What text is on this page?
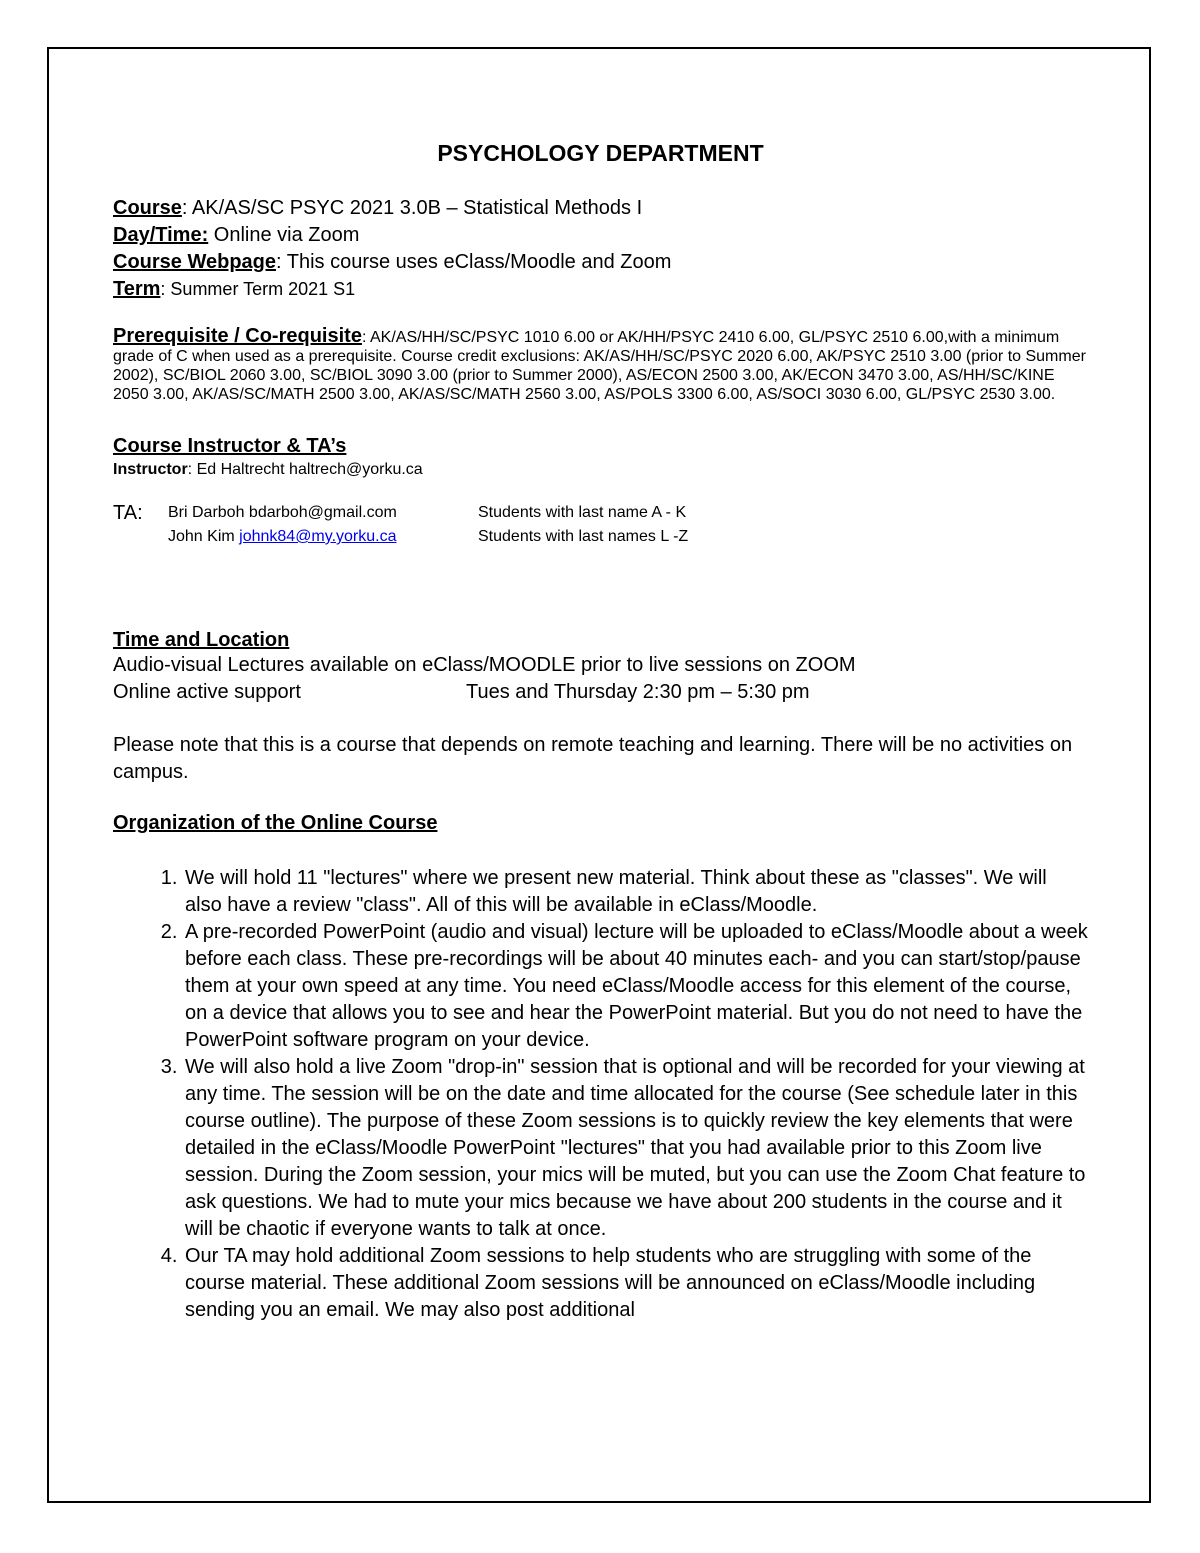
PSYCHOLOGY DEPARTMENT

Course: AK/AS/SC PSYC 2021 3.0B – Statistical Methods I

Day/Time: Online via Zoom

Course Webpage: This course uses eClass/Moodle and Zoom

Term: Summer Term 2021 S1

Prerequisite / Co-requisite: AK/AS/HH/SC/PSYC 1010 6.00 or AK/HH/PSYC 2410 6.00, GL/PSYC 2510 6.00,with a minimum grade of C when used as a prerequisite. Course credit exclusions: AK/AS/HH/SC/PSYC 2020 6.00, AK/PSYC 2510 3.00 (prior to Summer 2002), SC/BIOL 2060 3.00, SC/BIOL 3090 3.00 (prior to Summer 2000), AS/ECON 2500 3.00, AK/ECON 3470 3.00, AS/HH/SC/KINE 2050 3.00, AK/AS/SC/MATH 2500 3.00, AK/AS/SC/MATH 2560 3.00, AS/POLS 3300 6.00, AS/SOCI 3030 6.00, GL/PSYC 2530 3.00.

Course Instructor & TA’s
Instructor: Ed Haltrecht haltrech@yorku.ca
TA:	Bri Darboh bdarboh@gmail.com	Students with last name A - K
John Kim johnk84@my.yorku.ca	Students with last names L -Z
Time and Location
Audio-visual Lectures available on eClass/MOODLE prior to live sessions on ZOOM
Online active support	Tues and Thursday 2:30 pm – 5:30 pm

Please note that this is a course that depends on remote teaching and learning. There will be no activities on campus.

Organization of the Online Course
1. We will hold 11 "lectures" where we present new material. Think about these as "classes". We will also have a review "class". All of this will be available in eClass/Moodle.
2. A pre-recorded PowerPoint (audio and visual) lecture will be uploaded to eClass/Moodle about a week before each class. These pre-recordings will be about 40 minutes each- and you can start/stop/pause them at your own speed at any time. You need eClass/Moodle access for this element of the course, on a device that allows you to see and hear the PowerPoint material. But you do not need to have the PowerPoint software program on your device.
3. We will also hold a live Zoom "drop-in" session that is optional and will be recorded for your viewing at any time. The session will be on the date and time allocated for the course (See schedule later in this course outline). The purpose of these Zoom sessions is to quickly review the key elements that were detailed in the eClass/Moodle PowerPoint "lectures" that you had available prior to this Zoom live session. During the Zoom session, your mics will be muted, but you can use the Zoom Chat feature to ask questions. We had to mute your mics because we have about 200 students in the course and it will be chaotic if everyone wants to talk at once.
4. Our TA may hold additional Zoom sessions to help students who are struggling with some of the course material. These additional Zoom sessions will be announced on eClass/Moodle including sending you an email. We may also post additional
